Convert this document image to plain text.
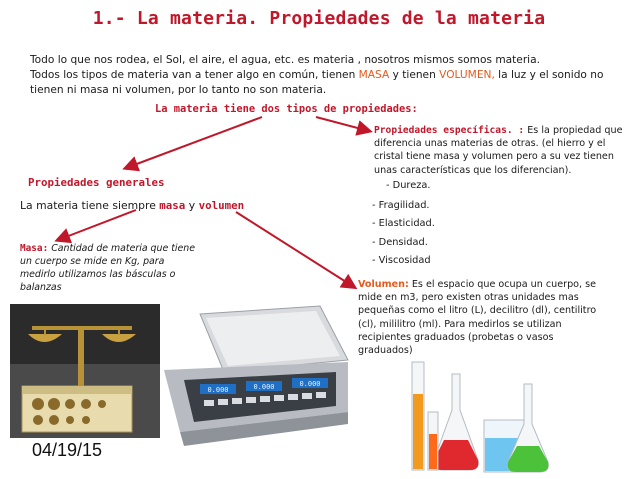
1.- La materia. Propiedades de la materia
Todo lo que nos rodea, el Sol, el aire, el agua, etc. es materia , nosotros mismos somos materia.
Todos los tipos de materia van a tener algo en común, tienen MASA y tienen VOLUMEN, la luz y el sonido no tienen ni masa ni volumen, por lo tanto no son materia.
La materia tiene dos tipos de propiedades:
Propiedades específicas. : Es la propiedad que diferencia unas materias de otras. (el hierro y el cristal tiene masa y volumen pero a su vez tienen unas características que los diferencian).
- Dureza.
- Fragilidad.
- Elasticidad.
- Densidad.
- Viscosidad
Propiedades generales
La materia tiene siempre masa y volumen
Masa: Cantidad de materia que tiene un cuerpo se mide en Kg, para medirlo utilizamos las básculas o balanzas	Volumen: Es el espacio que ocupa un cuerpo, se mide en m3, pero existen otras unidades mas pequeñas como el litro (L), decilitro (dl), centilitro (cl), mililitro (ml). Para medirlos se utilizan recipientes graduados (probetas o vasos graduados)
0.000	0.000	0.000
04/19/15
